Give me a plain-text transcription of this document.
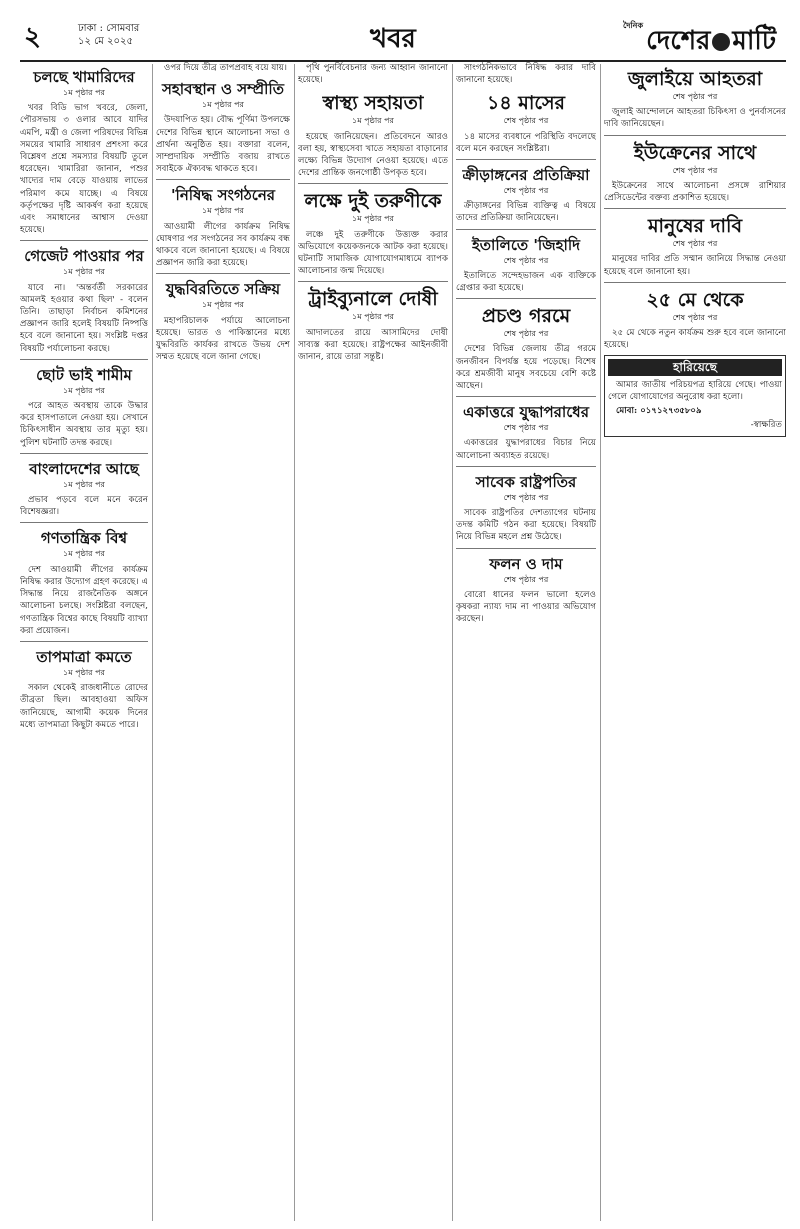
২	ঢাকা : সোমবার
১২ মে ২০২৫	খবর	$^{দৈনিক}$দেশের মাটি
চলছে খামারিদের
১ম পৃষ্ঠার পর

খবর বিডি ভাগ খবরে, জেলা, পৌরসভায় ৩ ওলার আবে যাদির এমপি, মন্ত্রী ও জেলা পরিষদের বিভিন্ন সময়ের খামারি সাধারণ প্রশংসা করে বিশ্লেষণ প্রশ্নে সমস্যার বিষয়টি তুলে ধরেছেন। খামারিরা জানান, পশুর খাদ্যের দাম বেড়ে যাওয়ায় লাভের পরিমাণ কমে যাচ্ছে। এ বিষয়ে কর্তৃপক্ষের দৃষ্টি আকর্ষণ করা হয়েছে এবং সমাধানের আশ্বাস দেওয়া হয়েছে।

গেজেট পাওয়ার পর
১ম পৃষ্ঠার পর

যাবে না। 'অন্তর্বর্তী সরকারের আমলই হওয়ার কথা ছিল' - বলেন তিনি। তাছাড়া নির্বাচন কমিশনের প্রজ্ঞাপন জারি হলেই বিষয়টি নিষ্পত্তি হবে বলে জানানো হয়। সংশ্লিষ্ট দপ্তর বিষয়টি পর্যালোচনা করছে।

ছোট ভাই শামীম
১ম পৃষ্ঠার পর

পরে আহত অবস্থায় তাকে উদ্ধার করে হাসপাতালে নেওয়া হয়। সেখানে চিকিৎসাধীন অবস্থায় তার মৃত্যু হয়। পুলিশ ঘটনাটি তদন্ত করছে।

বাংলাদেশের আছে
১ম পৃষ্ঠার পর

প্রভাব পড়বে বলে মনে করেন বিশেষজ্ঞরা।

গণতান্ত্রিক বিশ্ব
১ম পৃষ্ঠার পর

দেশ আওয়ামী লীগের কার্যক্রম নিষিদ্ধ করার উদ্যোগ গ্রহণ করেছে। এ সিদ্ধান্ত নিয়ে রাজনৈতিক অঙ্গনে আলোচনা চলছে। সংশ্লিষ্টরা বলছেন, গণতান্ত্রিক বিশ্বের কাছে বিষয়টি ব্যাখ্যা করা প্রয়োজন।

তাপমাত্রা কমতে
১ম পৃষ্ঠার পর

সকাল থেকেই রাজধানীতে রোদের তীব্রতা ছিল। আবহাওয়া অফিস জানিয়েছে, আগামী কয়েক দিনের মধ্যে তাপমাত্রা কিছুটা কমতে পারে।

ওপর দিয়ে তীব্র তাপপ্রবাহ বয়ে যায়।

সহাবস্থান ও সম্প্রীতি
১ম পৃষ্ঠার পর

উদযাপিত হয়। বৌদ্ধ পূর্ণিমা উপলক্ষে দেশের বিভিন্ন স্থানে আলোচনা সভা ও প্রার্থনা অনুষ্ঠিত হয়। বক্তারা বলেন, সাম্প্রদায়িক সম্প্রীতি বজায় রাখতে সবাইকে ঐক্যবদ্ধ থাকতে হবে।

'নিষিদ্ধ সংগঠনের
১ম পৃষ্ঠার পর

আওয়ামী লীগের কার্যক্রম নিষিদ্ধ ঘোষণার পর সংগঠনের সব কার্যক্রম বন্ধ থাকবে বলে জানানো হয়েছে। এ বিষয়ে প্রজ্ঞাপন জারি করা হয়েছে।

যুদ্ধবিরতিতে সক্রিয়
১ম পৃষ্ঠার পর

মহাপরিচালক পর্যায়ে আলোচনা হয়েছে। ভারত ও পাকিস্তানের মধ্যে যুদ্ধবিরতি কার্যকর রাখতে উভয় দেশ সম্মত হয়েছে বলে জানা গেছে।

পৃথি পুনর্বিবেচনার জন্য আহ্বান জানানো হয়েছে।

স্বাস্থ্য সহায়তা
১ম পৃষ্ঠার পর

হয়েছে জানিয়েছেন। প্রতিবেদনে আরও বলা হয়, স্বাস্থ্যসেবা খাতে সহায়তা বাড়ানোর লক্ষ্যে বিভিন্ন উদ্যোগ নেওয়া হয়েছে। এতে দেশের প্রান্তিক জনগোষ্ঠী উপকৃত হবে।

লক্ষে দুই তরুণীকে
১ম পৃষ্ঠার পর

লঞ্চে দুই তরুণীকে উত্ত্যক্ত করার অভিযোগে কয়েকজনকে আটক করা হয়েছে। ঘটনাটি সামাজিক যোগাযোগমাধ্যমে ব্যাপক আলোচনার জন্ম দিয়েছে।

ট্রাইব্যুনালে দোষী
১ম পৃষ্ঠার পর

আদালতের রায়ে আসামিদের দোষী সাব্যস্ত করা হয়েছে। রাষ্ট্রপক্ষের আইনজীবী জানান, রায়ে তারা সন্তুষ্ট।

সাংগঠনিকভাবে নিষিদ্ধ করার দাবি জানানো হয়েছে।

১৪ মাসের
শেষ পৃষ্ঠার পর

১৪ মাসের ব্যবধানে পরিস্থিতি বদলেছে বলে মনে করছেন সংশ্লিষ্টরা।

ক্রীড়াঙ্গনের প্রতিক্রিয়া
শেষ পৃষ্ঠার পর

ক্রীড়াঙ্গনের বিভিন্ন ব্যক্তিত্ব এ বিষয়ে তাদের প্রতিক্রিয়া জানিয়েছেন।

ইতালিতে 'জিহাদি
শেষ পৃষ্ঠার পর

ইতালিতে সন্দেহভাজন এক ব্যক্তিকে গ্রেপ্তার করা হয়েছে।

প্রচণ্ড গরমে
শেষ পৃষ্ঠার পর

দেশের বিভিন্ন জেলায় তীব্র গরমে জনজীবন বিপর্যস্ত হয়ে পড়েছে। বিশেষ করে শ্রমজীবী মানুষ সবচেয়ে বেশি কষ্টে আছেন।

একাত্তরে যুদ্ধাপরাধের
শেষ পৃষ্ঠার পর

একাত্তরের যুদ্ধাপরাধের বিচার নিয়ে আলোচনা অব্যাহত রয়েছে।

সাবেক রাষ্ট্রপতির
শেষ পৃষ্ঠার পর

সাবেক রাষ্ট্রপতির দেশত্যাগের ঘটনায় তদন্ত কমিটি গঠন করা হয়েছে। বিষয়টি নিয়ে বিভিন্ন মহলে প্রশ্ন উঠেছে।

ফলন ও দাম
শেষ পৃষ্ঠার পর

বোরো ধানের ফলন ভালো হলেও কৃষকরা ন্যায্য দাম না পাওয়ার অভিযোগ করছেন।

জুলাইয়ে আহতরা
শেষ পৃষ্ঠার পর

জুলাই আন্দোলনে আহতরা চিকিৎসা ও পুনর্বাসনের দাবি জানিয়েছেন।

ইউক্রেনের সাথে
শেষ পৃষ্ঠার পর

ইউক্রেনের সাথে আলোচনা প্রসঙ্গে রাশিয়ার প্রেসিডেন্টের বক্তব্য প্রকাশিত হয়েছে।

মানুষের দাবি
শেষ পৃষ্ঠার পর

মানুষের দাবির প্রতি সম্মান জানিয়ে সিদ্ধান্ত নেওয়া হয়েছে বলে জানানো হয়।

২৫ মে থেকে
শেষ পৃষ্ঠার পর

২৫ মে থেকে নতুন কার্যক্রম শুরু হবে বলে জানানো হয়েছে।

হারিয়েছে

আমার জাতীয় পরিচয়পত্র হারিয়ে গেছে। পাওয়া গেলে যোগাযোগের অনুরোধ করা হলো।

মোবা: ০১৭১২৭৩৫৮০৯

-স্বাক্ষরিত
